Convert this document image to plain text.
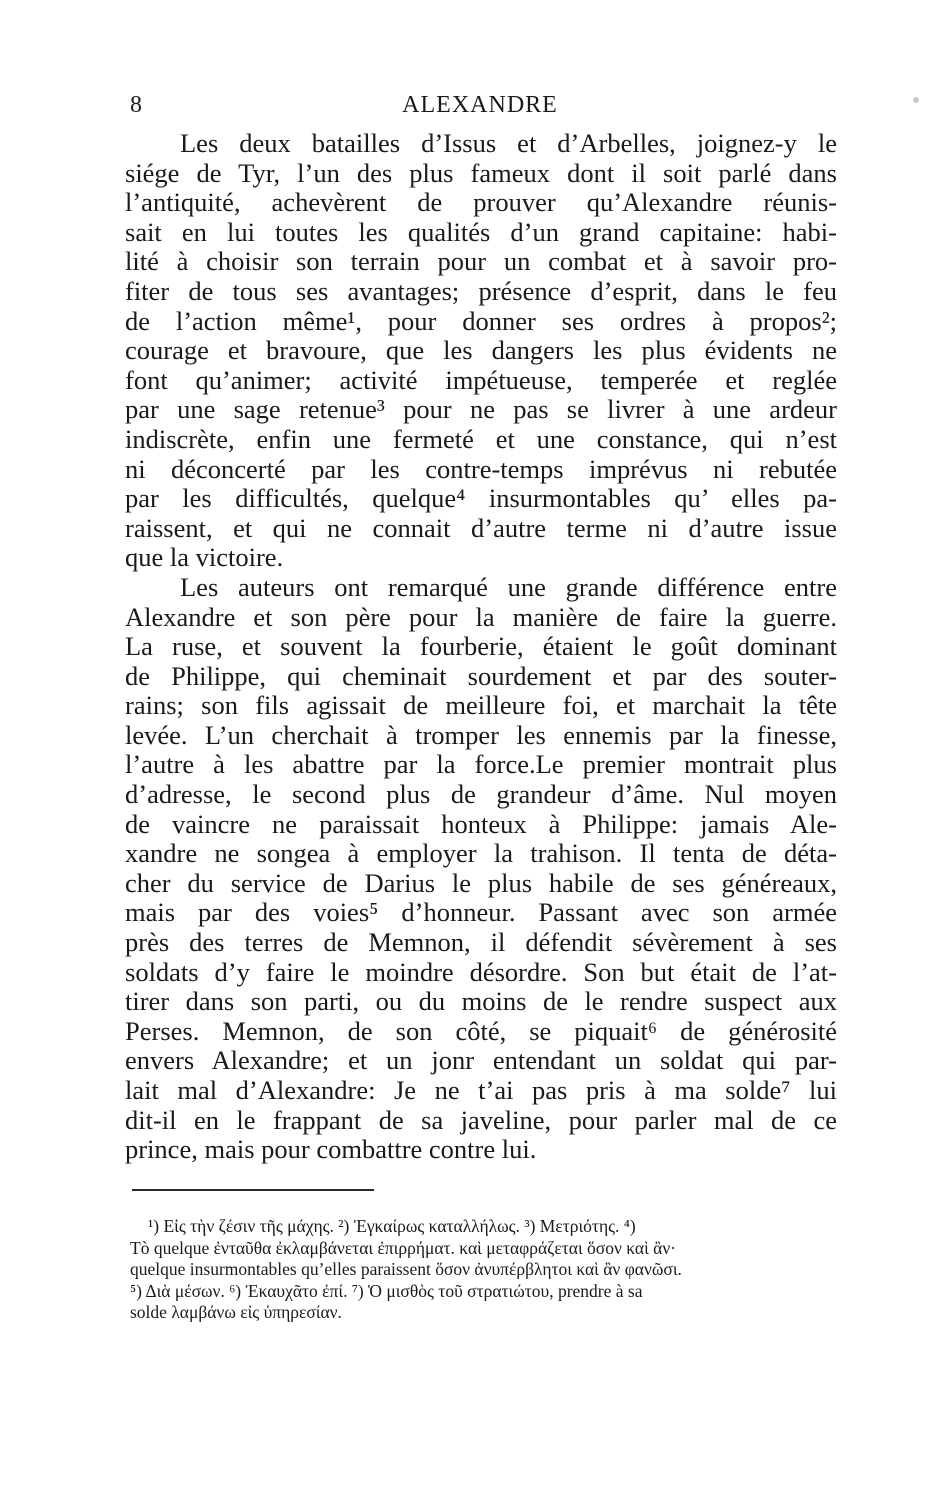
8	ALEXANDRE
Les deux batailles d’Issus et d’Arbelles, joignez-y le
siége de Tyr, l’un des plus fameux dont il soit parlé dans
l’antiquité, achevèrent de prouver qu’Alexandre réunis-
sait en lui toutes les qualités d’un grand capitaine: habi-
lité à choisir son terrain pour un combat et à savoir pro-
fiter de tous ses avantages; présence d’esprit, dans le feu
de l’action même¹, pour donner ses ordres à propos²;
courage et bravoure, que les dangers les plus évidents ne
font qu’animer; activité impétueuse, temperée et reglée
par une sage retenue³ pour ne pas se livrer à une ardeur
indiscrète, enfin une fermeté et une constance, qui n’est
ni déconcerté par les contre-temps imprévus ni rebutée
par les difficultés, quelque⁴ insurmontables qu’ elles pa-
raissent, et qui ne connait d’autre terme ni d’autre issue
que la victoire.
Les auteurs ont remarqué une grande différence entre
Alexandre et son père pour la manière de faire la guerre.
La ruse, et souvent la fourberie, étaient le goût dominant
de Philippe, qui cheminait sourdement et par des souter-
rains; son fils agissait de meilleure foi, et marchait la tête
levée. L’un cherchait à tromper les ennemis par la finesse,
l’autre à les abattre par la force.Le premier montrait plus
d’adresse, le second plus de grandeur d’âme. Nul moyen
de vaincre ne paraissait honteux à Philippe: jamais Ale-
xandre ne songea à employer la trahison. Il tenta de déta-
cher du service de Darius le plus habile de ses généreaux,
mais par des voies⁵ d’honneur. Passant avec son armée
près des terres de Memnon, il défendit sévèrement à ses
soldats d’y faire le moindre désordre. Son but était de l’at-
tirer dans son parti, ou du moins de le rendre suspect aux
Perses. Memnon, de son côté, se piquait⁶ de générosité
envers Alexandre; et un jonr entendant un soldat qui par-
lait mal d’Alexandre: Je ne t’ai pas pris à ma solde⁷ lui
dit-il en le frappant de sa javeline, pour parler mal de ce
prince, mais pour combattre contre lui.
¹) Εἰς τὴν ζέσιν τῆς μάχης. ²) Ἐγκαίρως καταλλήλως. ³) Μετριότης. ⁴)
Tò quelque ἐνταῦθα ἐκλαμβάνεται ἐπιρρήματ. καὶ μεταφράζεται ὅσον καὶ ἂν·
quelque insurmontables qu’elles paraissent ὅσον ἀνυπέρβλητοι καὶ ἂν φανῶσι.
⁵) Διὰ μέσων. ⁶) Ἐκαυχᾶτο ἐπί. ⁷) Ὁ μισθὸς τοῦ στρατιώτου, prendre à sa
solde λαμβάνω εἰς ὑπηρεσίαν.
